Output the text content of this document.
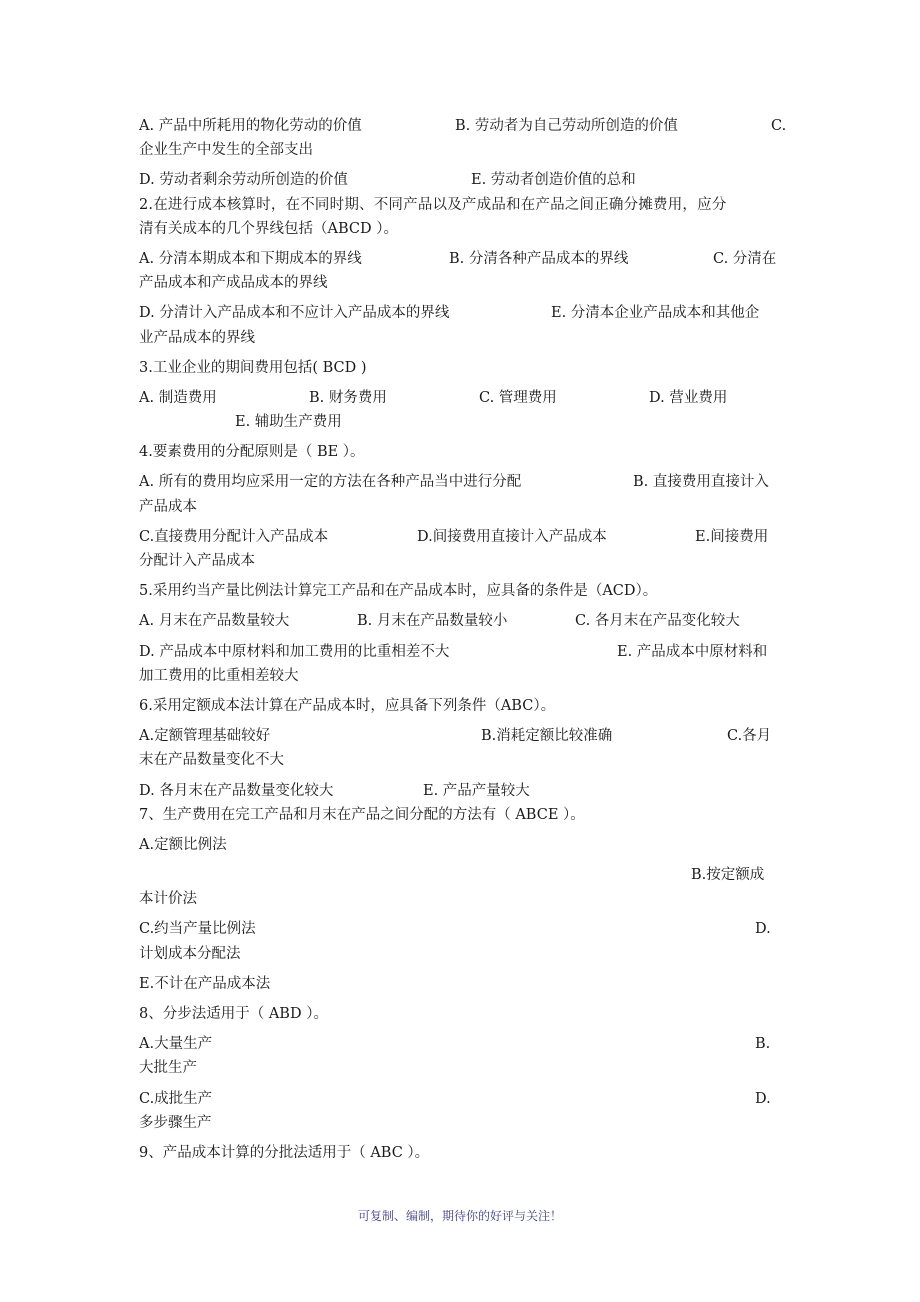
A. 产品中所耗用的物化劳动的价值	B. 劳动者为自己劳动所创造的价值	C.
企业生产中发生的全部支出
D. 劳动者剩余劳动所创造的价值	E. 劳动者创造价值的总和
2.在进行成本核算时，在不同时期、不同产品以及产成品和在产品之间正确分摊费用，应分
清有关成本的几个界线包括（ABCD ）。
A. 分清本期成本和下期成本的界线	B. 分清各种产品成本的界线	C. 分清在
产品成本和产成品成本的界线
D. 分清计入产品成本和不应计入产品成本的界线	E. 分清本企业产品成本和其他企
业产品成本的界线
3.工业企业的期间费用包括( BCD )
A. 制造费用	B. 财务费用	C. 管理费用	D. 营业费用
E. 辅助生产费用
4.要素费用的分配原则是（ BE ）。
A. 所有的费用均应采用一定的方法在各种产品当中进行分配	B. 直接费用直接计入
产品成本
C.直接费用分配计入产品成本	D.间接费用直接计入产品成本	E.间接费用
分配计入产品成本
5.采用约当产量比例法计算完工产品和在产品成本时，应具备的条件是（ACD）。
A. 月末在产品数量较大	B. 月末在产品数量较小	C. 各月末在产品变化较大
D. 产品成本中原材料和加工费用的比重相差不大	E. 产品成本中原材料和
加工费用的比重相差较大
6.采用定额成本法计算在产品成本时，应具备下列条件（ABC）。
A.定额管理基础较好	B.消耗定额比较准确	C.各月
末在产品数量变化不大
D. 各月末在产品数量变化较大	E. 产品产量较大
7、生产费用在完工产品和月末在产品之间分配的方法有（ ABCE ）。
A.定额比例法
B.按定额成
本计价法
C.约当产量比例法	D.
计划成本分配法
E.不计在产品成本法
8、分步法适用于（ ABD ）。
A.大量生产	B.
大批生产
C.成批生产	D.
多步骤生产
9、产品成本计算的分批法适用于（ ABC ）。
可复制、编制，期待你的好评与关注！
